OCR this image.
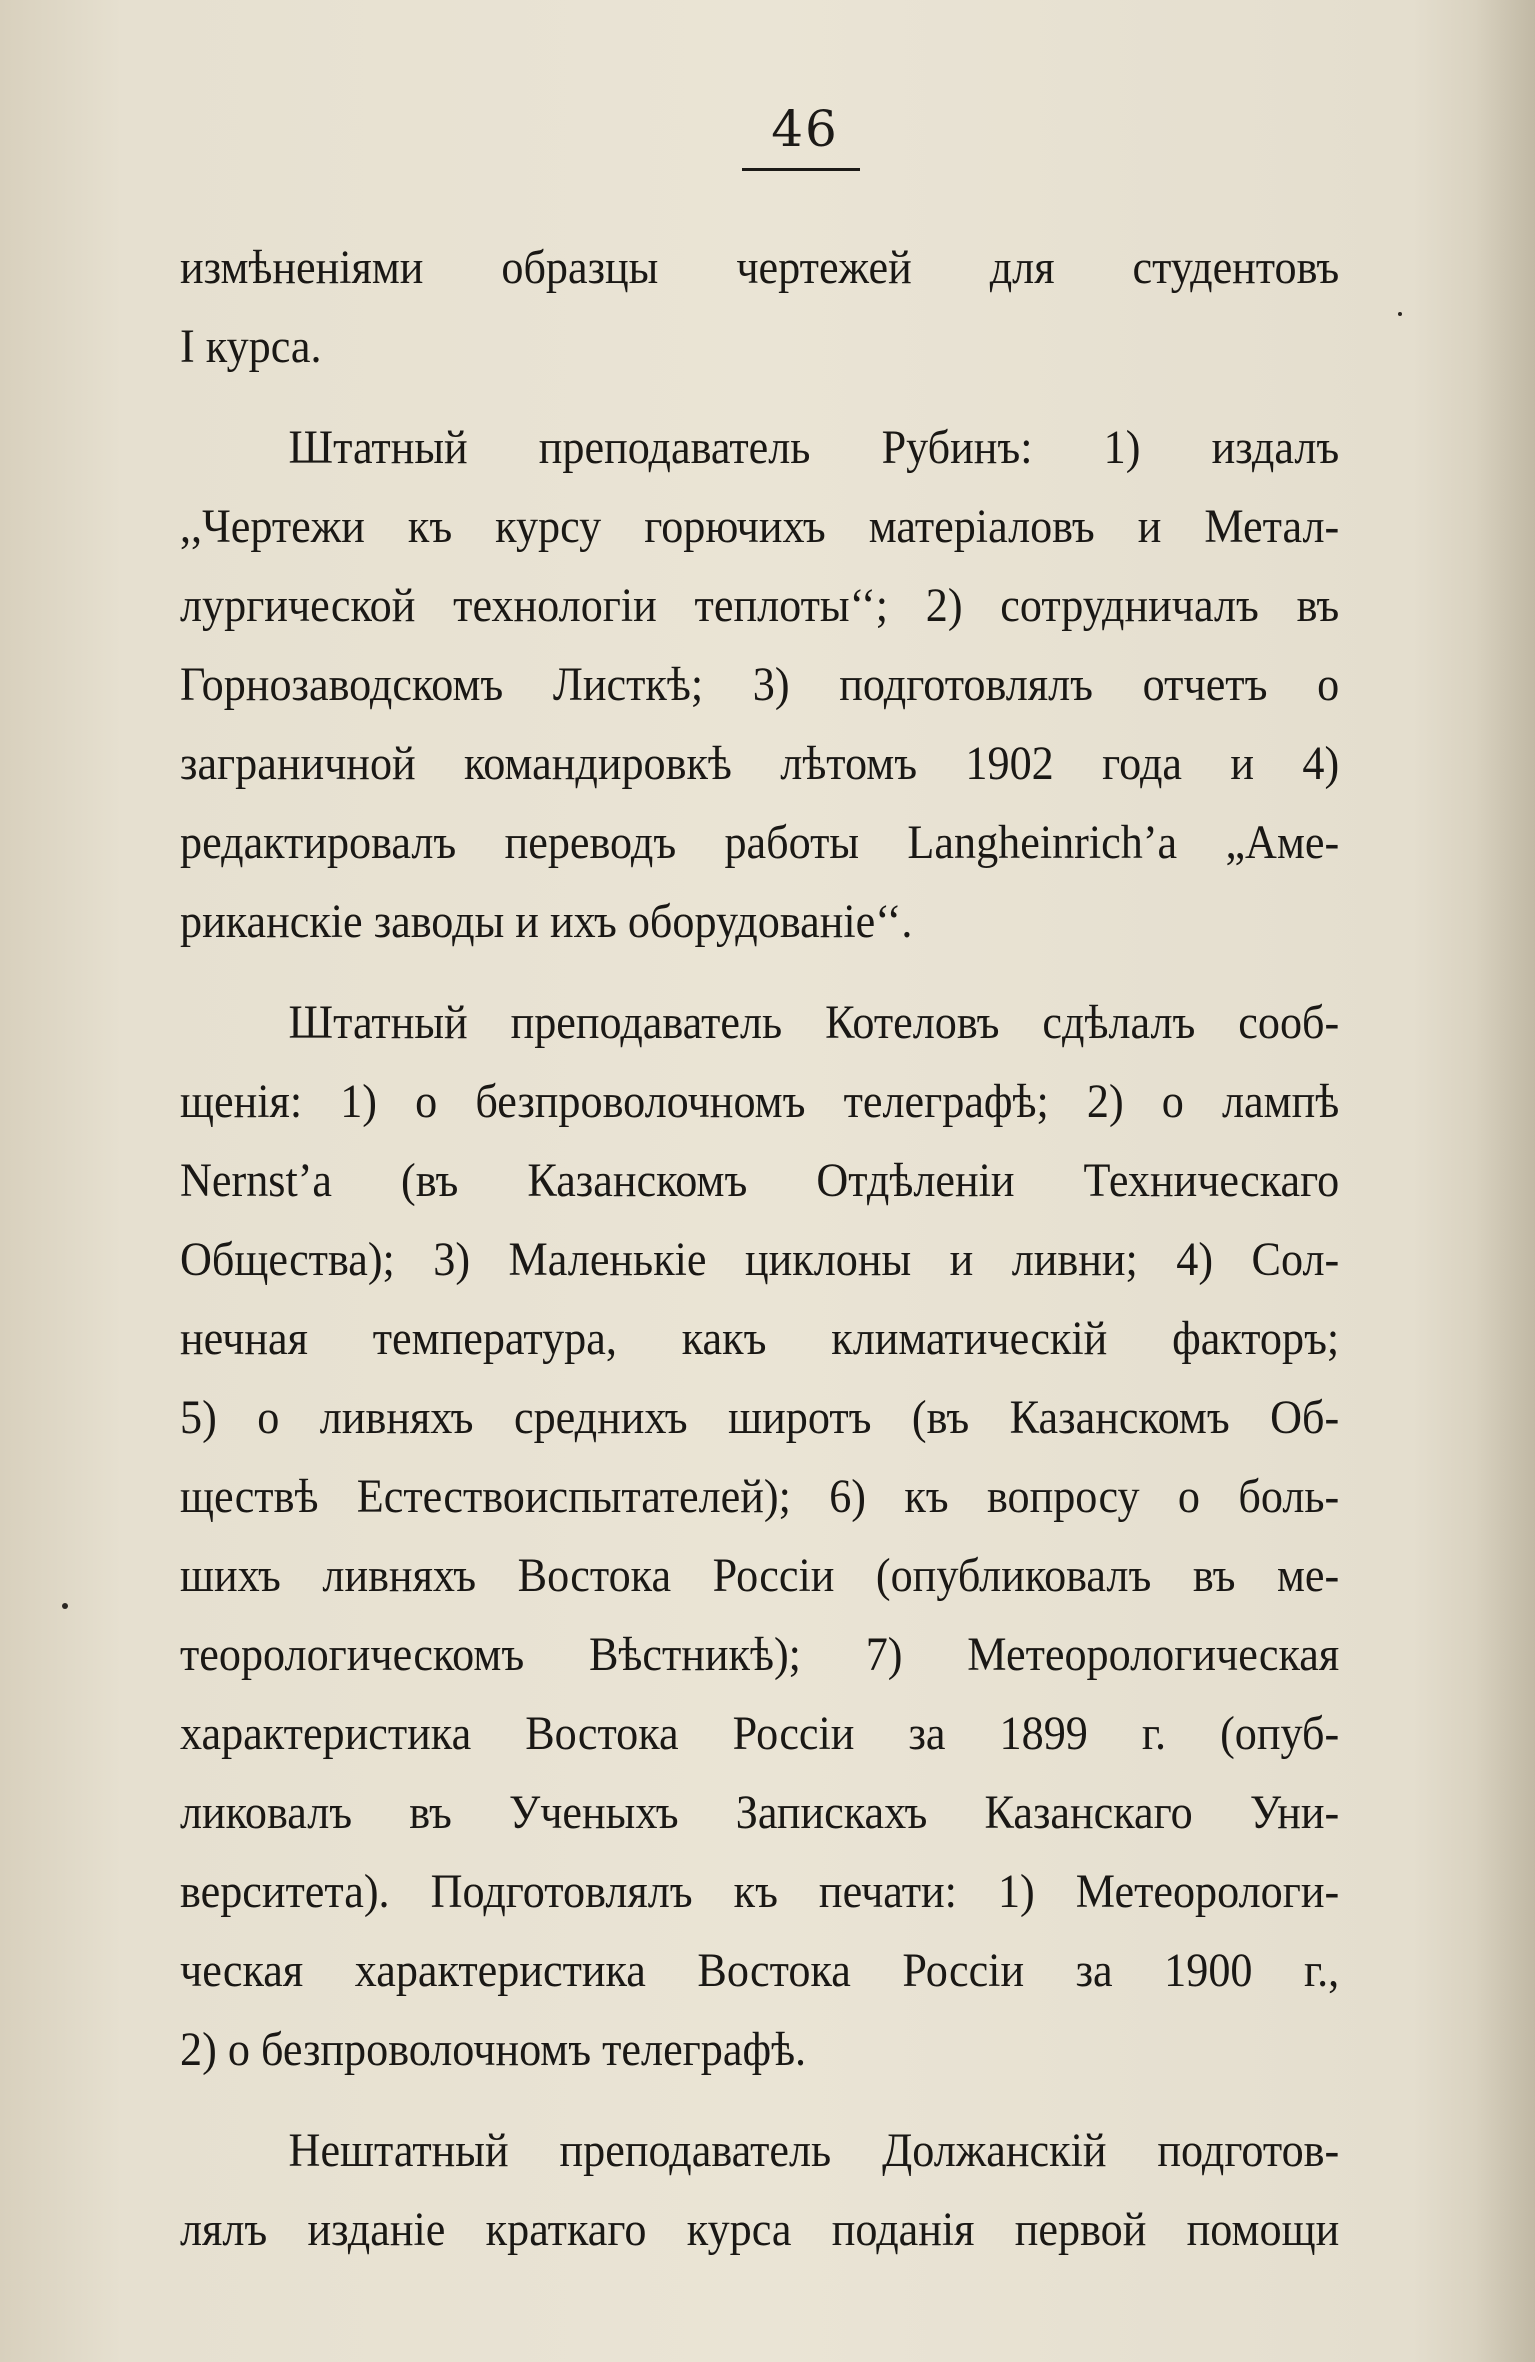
46
измѣненіями образцы чертежей для студентовъ
I курса.
Штатный преподаватель Рубинъ: 1) издалъ
,,Чертежи къ курсу горючихъ матеріаловъ и Метал-
лургической технологіи теплоты‘‘; 2) сотрудничалъ въ
Горнозаводскомъ Листкѣ; 3) подготовлялъ отчетъ о
заграничной командировкѣ лѣтомъ 1902 года и 4)
редактировалъ переводъ работы Langheinrich’a „Аме-
риканскіе заводы и ихъ оборудованіе‘‘.
Штатный преподаватель Котеловъ сдѣлалъ сооб-
щенія: 1) о безпроволочномъ телеграфѣ; 2) о лампѣ
Nernst’a (въ Казанскомъ Отдѣленіи Техническаго
Общества); 3) Маленькіе циклоны и ливни; 4) Сол-
нечная температура, какъ климатическій факторъ;
5) о ливняхъ среднихъ широтъ (въ Казанскомъ Об-
ществѣ Естествоиспытателей); 6) къ вопросу о боль-
шихъ ливняхъ Востока Россіи (опубликовалъ въ ме-
теорологическомъ Вѣстникѣ); 7) Метеорологическая
характеристика Востока Россіи за 1899 г. (опуб-
ликовалъ въ Ученыхъ Запискахъ Казанскаго Уни-
верситета). Подготовлялъ къ печати: 1) Метеорологи-
ческая характеристика Востока Россіи за 1900 г.,
2) о безпроволочномъ телеграфѣ.
Нештатный преподаватель Должанскій подготов-
лялъ изданіе краткаго курса поданія первой помощи
